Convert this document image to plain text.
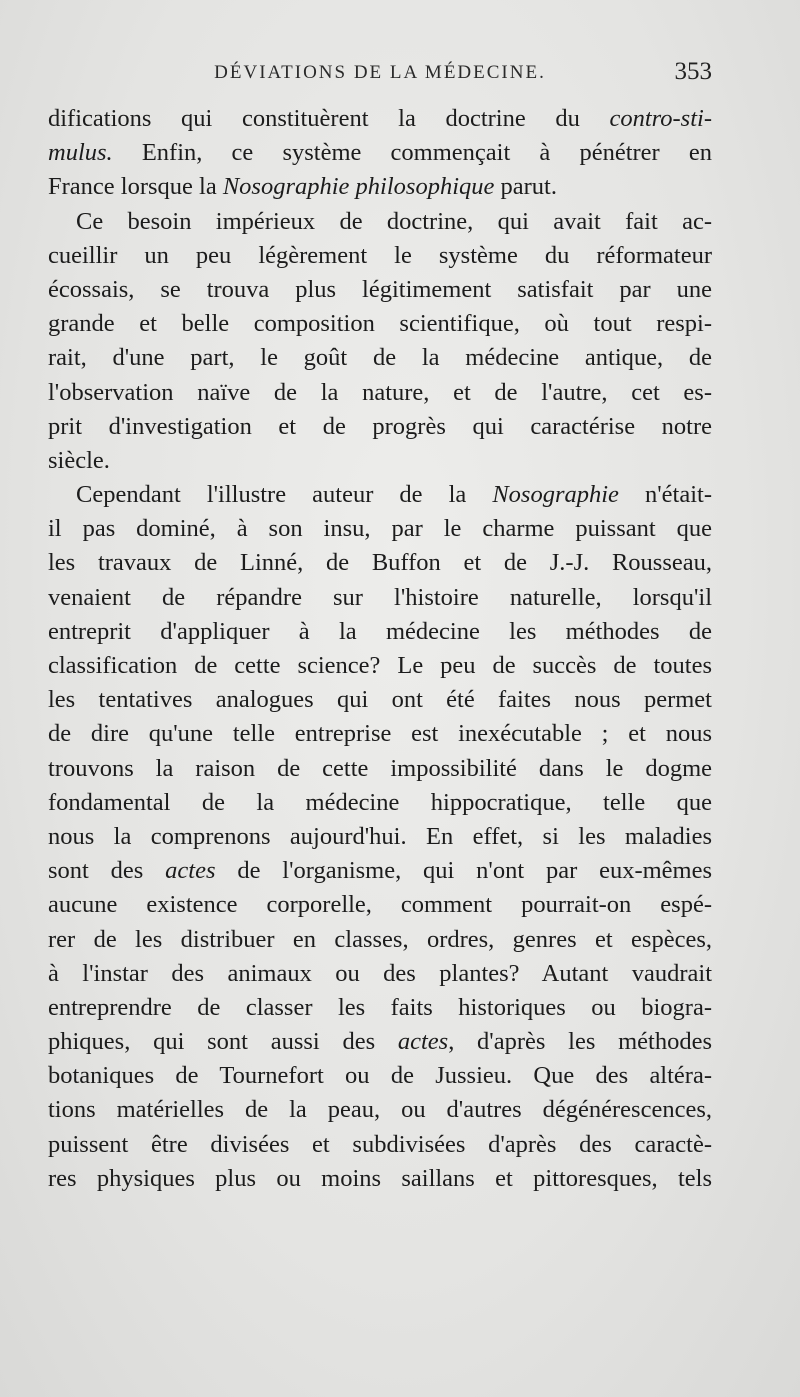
DÉVIATIONS DE LA MÉDECINE.	353
difications qui constituèrent la doctrine du contro-sti-
mulus. Enfin, ce système commençait à pénétrer en
France lorsque la Nosographie philosophique parut.
Ce besoin impérieux de doctrine, qui avait fait ac-
cueillir un peu légèrement le système du réformateur
écossais, se trouva plus légitimement satisfait par une
grande et belle composition scientifique, où tout respi-
rait, d'une part, le goût de la médecine antique, de
l'observation naïve de la nature, et de l'autre, cet es-
prit d'investigation et de progrès qui caractérise notre
siècle.
Cependant l'illustre auteur de la Nosographie n'était-
il pas dominé, à son insu, par le charme puissant que
les travaux de Linné, de Buffon et de J.-J. Rousseau,
venaient de répandre sur l'histoire naturelle, lorsqu'il
entreprit d'appliquer à la médecine les méthodes de
classification de cette science? Le peu de succès de toutes
les tentatives analogues qui ont été faites nous permet
de dire qu'une telle entreprise est inexécutable ; et nous
trouvons la raison de cette impossibilité dans le dogme
fondamental de la médecine hippocratique, telle que
nous la comprenons aujourd'hui. En effet, si les maladies
sont des actes de l'organisme, qui n'ont par eux-mêmes
aucune existence corporelle, comment pourrait-on espé-
rer de les distribuer en classes, ordres, genres et espèces,
à l'instar des animaux ou des plantes? Autant vaudrait
entreprendre de classer les faits historiques ou biogra-
phiques, qui sont aussi des actes, d'après les méthodes
botaniques de Tournefort ou de Jussieu. Que des altéra-
tions matérielles de la peau, ou d'autres dégénérescences,
puissent être divisées et subdivisées d'après des caractè-
res physiques plus ou moins saillans et pittoresques, tels
